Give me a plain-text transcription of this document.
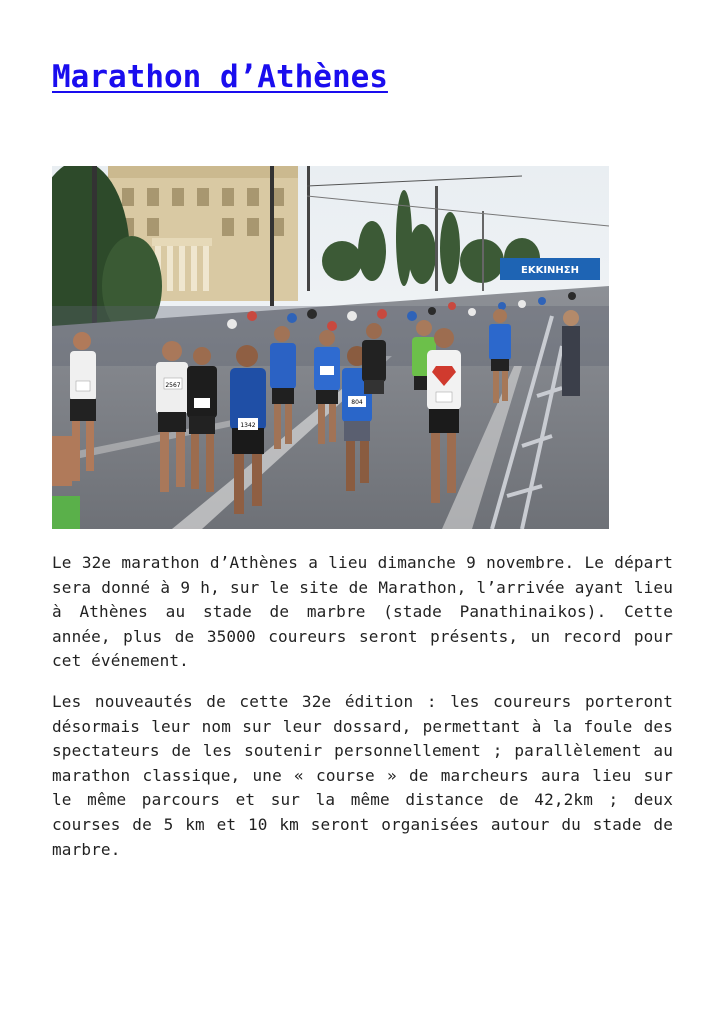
Marathon d’Athènes
ΕΚΚΙΝΗΣΗ
2567
1342
804

Le 32e marathon d’Athènes a lieu dimanche 9 novembre. Le départ sera donné à 9 h, sur le site de Marathon, l’arrivée ayant lieu à Athènes au stade de marbre (stade Panathinaikos). Cette année, plus de 35000 coureurs seront présents, un record pour cet événement.

Les nouveautés de cette 32e édition : les coureurs porteront désormais leur nom sur leur dossard, permettant à la foule des spectateurs de les soutenir personnellement ; parallèlement au marathon classique, une « course » de marcheurs aura lieu sur le même parcours et sur la même distance de 42,2km ; deux courses de 5 km et 10 km seront organisées autour du stade de marbre.
